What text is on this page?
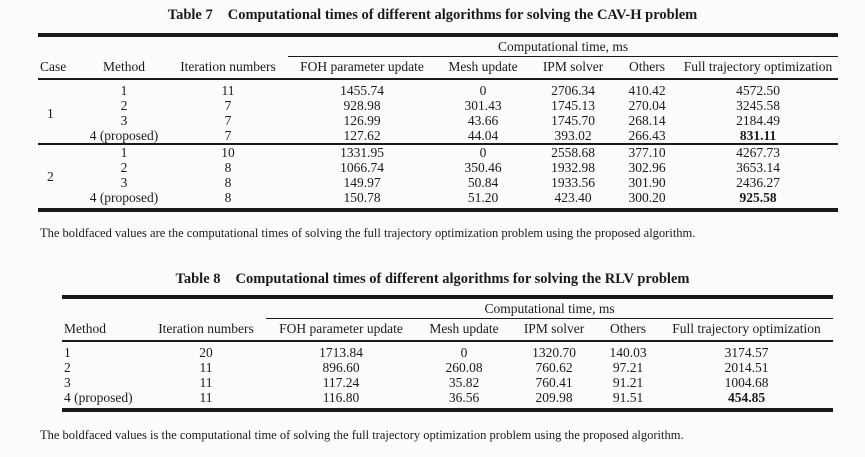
Table 7 Computational times of different algorithms for solving the CAV-H problem
			Computational time, ms				
Case	Method	Iteration numbers	FOH parameter update	Mesh update	IPM solver	Others	Full trajectory optimization
1	1	11	1455.74	0	2706.34	410.42	4572.50
	2	7	928.98	301.43	1745.13	270.04	3245.58
	3	7	126.99	43.66	1745.70	268.14	2184.49
	4 (proposed)	7	127.62	44.04	393.02	266.43	831.11
2	1	10	1331.95	0	2558.68	377.10	4267.73
	2	8	1066.74	350.46	1932.98	302.96	3653.14
	3	8	149.97	50.84	1933.56	301.90	2436.27
	4 (proposed)	8	150.78	51.20	423.40	300.20	925.58
The boldfaced values are the computational times of solving the full trajectory optimization problem using the proposed algorithm.
Table 8 Computational times of different algorithms for solving the RLV problem
		Computational time, ms				
Method	Iteration numbers	FOH parameter update	Mesh update	IPM solver	Others	Full trajectory optimization
1	20	1713.84	0	1320.70	140.03	3174.57
2	11	896.60	260.08	760.62	97.21	2014.51
3	11	117.24	35.82	760.41	91.21	1004.68
4 (proposed)	11	116.80	36.56	209.98	91.51	454.85
The boldfaced values is the computational time of solving the full trajectory optimization problem using the proposed algorithm.
